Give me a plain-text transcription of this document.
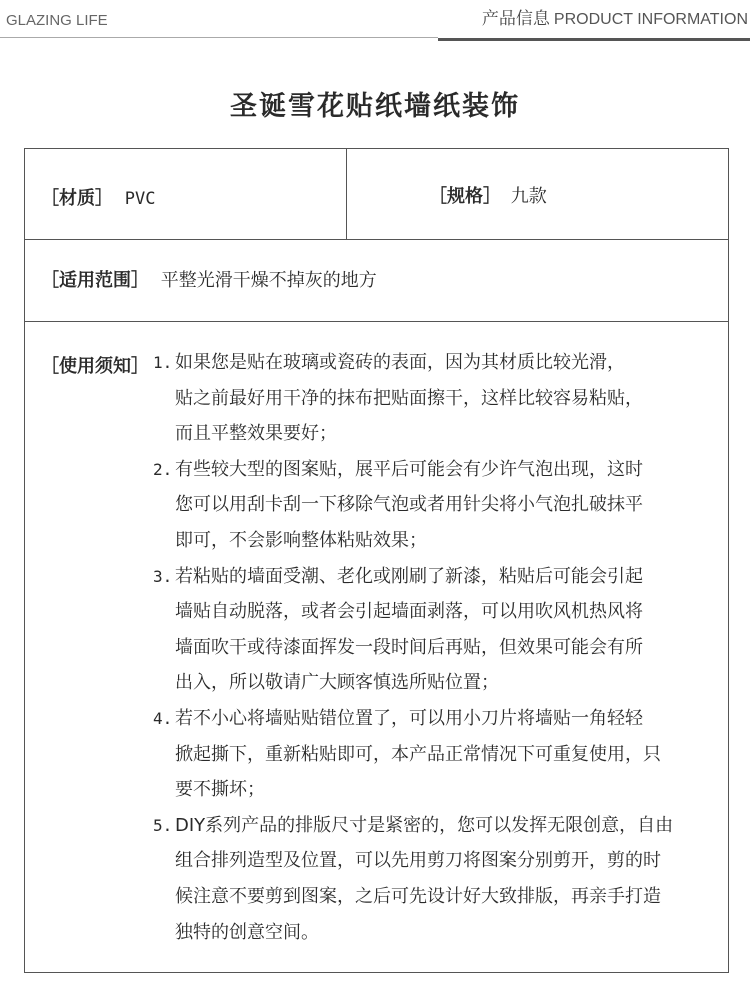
GLAZING LIFE	产品信息 PRODUCT INFORMATION
圣诞雪花贴纸墙纸装饰
［材质］ PVC	［规格］ 九款
［适用范围］ 平整光滑干燥不掉灰的地方
［使用须知］ 1. 如果您是贴在玻璃或瓷砖的表面，因为其材质比较光滑，
贴之前最好用干净的抹布把贴面擦干，这样比较容易粘贴，
而且平整效果要好；
2. 有些较大型的图案贴，展平后可能会有少许气泡出现，这时
您可以用刮卡刮一下移除气泡或者用针尖将小气泡扎破抹平
即可，不会影响整体粘贴效果；
3. 若粘贴的墙面受潮、老化或刚刷了新漆，粘贴后可能会引起
墙贴自动脱落，或者会引起墙面剥落，可以用吹风机热风将
墙面吹干或待漆面挥发一段时间后再贴，但效果可能会有所
出入，所以敬请广大顾客慎选所贴位置；
4. 若不小心将墙贴贴错位置了，可以用小刀片将墙贴一角轻轻
掀起撕下，重新粘贴即可，本产品正常情况下可重复使用，只
要不撕坏；
5. DIY系列产品的排版尺寸是紧密的，您可以发挥无限创意，自由
组合排列造型及位置，可以先用剪刀将图案分别剪开，剪的时
候注意不要剪到图案，之后可先设计好大致排版，再亲手打造
独特的创意空间。
